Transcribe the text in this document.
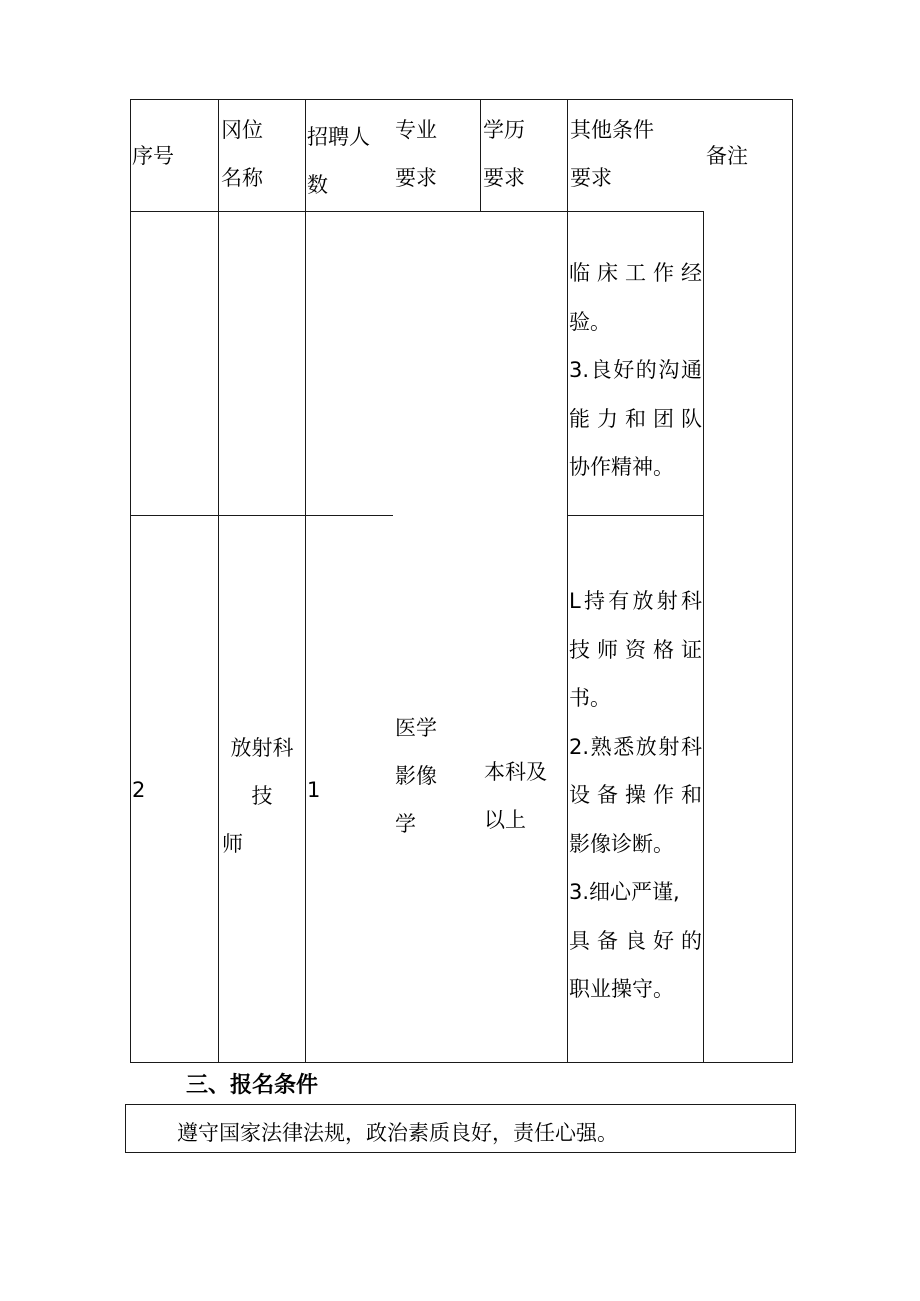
序号
冈位
名称
招聘人
数
专业
要求
学历
要求
其他条件
要求
备注
临床工作经
验。
3.良好的沟通
能力和团队
协作精神。
2
放射科
技
师
1
医学
影像
学
本科及
以上
L持有放射科
技师资格证
书。
2.熟悉放射科
设备操作和
影像诊断。
3.细心严谨,
具备良好的
职业操守。
三、报名条件
遵守国家法律法规，政治素质良好，责任心强。
